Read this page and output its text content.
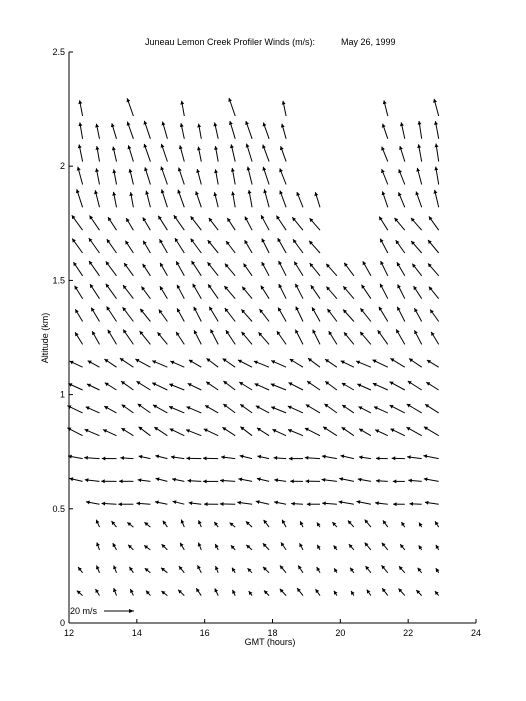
Juneau Lemon Creek Profiler Winds (m/s):	May 26, 1999
12	14	16	18	20	22	24
0
0.5
1
1.5
2
2.5
GMT (hours)
Altitude (km)
20 m/s
